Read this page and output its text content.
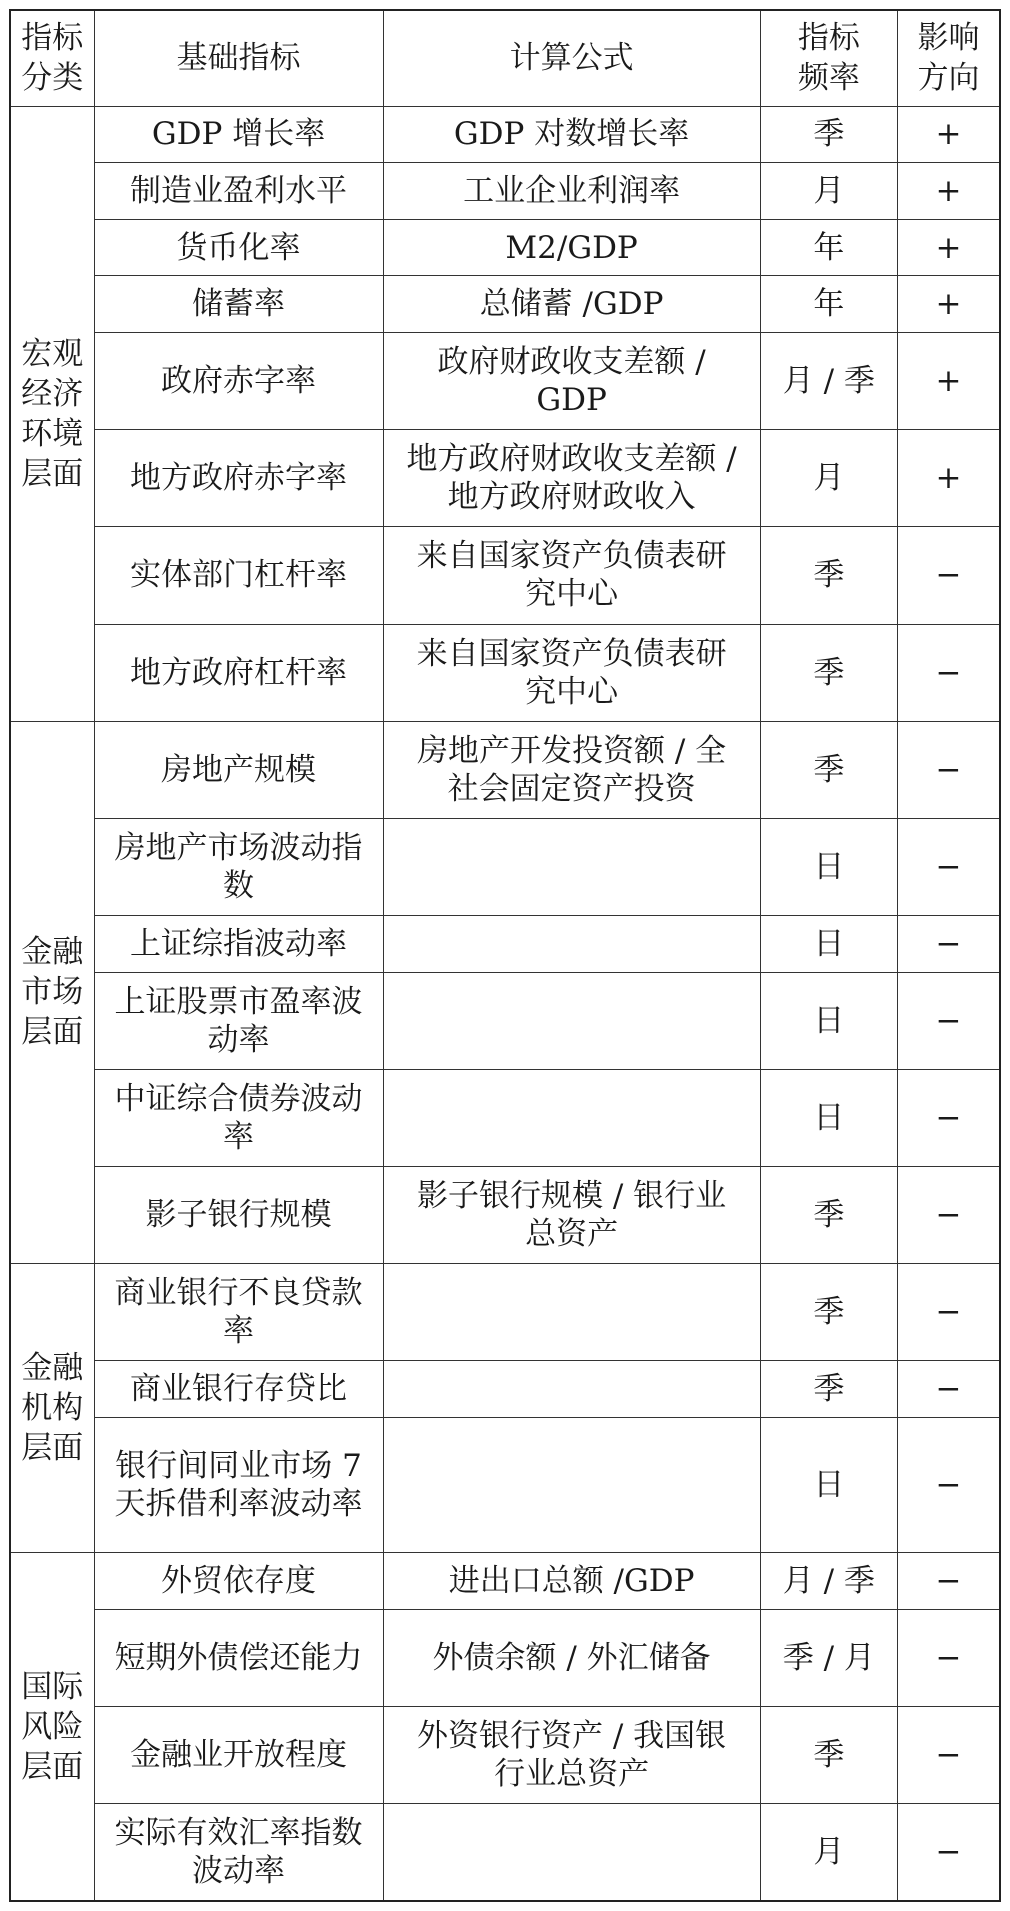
指标分类	基础指标	计算公式	指标频率	影响方向

宏观经济环境层面	GDP 增长率	GDP 对数增长率	季	+

	制造业盈利水平	工业企业利润率	月	+

	货币化率	M2/GDP	年	+

	储蓄率	总储蓄 /GDP	年	+

	政府赤字率	政府财政收支差额 / GDP	月 / 季	+

	地方政府赤字率	地方政府财政收支差额 / 地方政府财政收入	月	+

	实体部门杠杆率	来自国家资产负债表研究中心	季	−

	地方政府杠杆率	来自国家资产负债表研究中心	季	−

金融市场层面	房地产规模	房地产开发投资额 / 全社会固定资产投资	季	−

	房地产市场波动指数		日	−

	上证综指波动率		日	−

	上证股票市盈率波动率		日	−

	中证综合债券波动率		日	−

	影子银行规模	影子银行规模 / 银行业总资产	季	−

金融机构层面	商业银行不良贷款率		季	−

	商业银行存贷比		季	−

	银行间同业市场 7 天拆借利率波动率		日	−

国际风险层面	外贸依存度	进出口总额 /GDP	月 / 季	−

	短期外债偿还能力	外债余额 / 外汇储备	季 / 月	−

	金融业开放程度	外资银行资产 / 我国银行业总资产	季	−

	实际有效汇率指数波动率		月	−
